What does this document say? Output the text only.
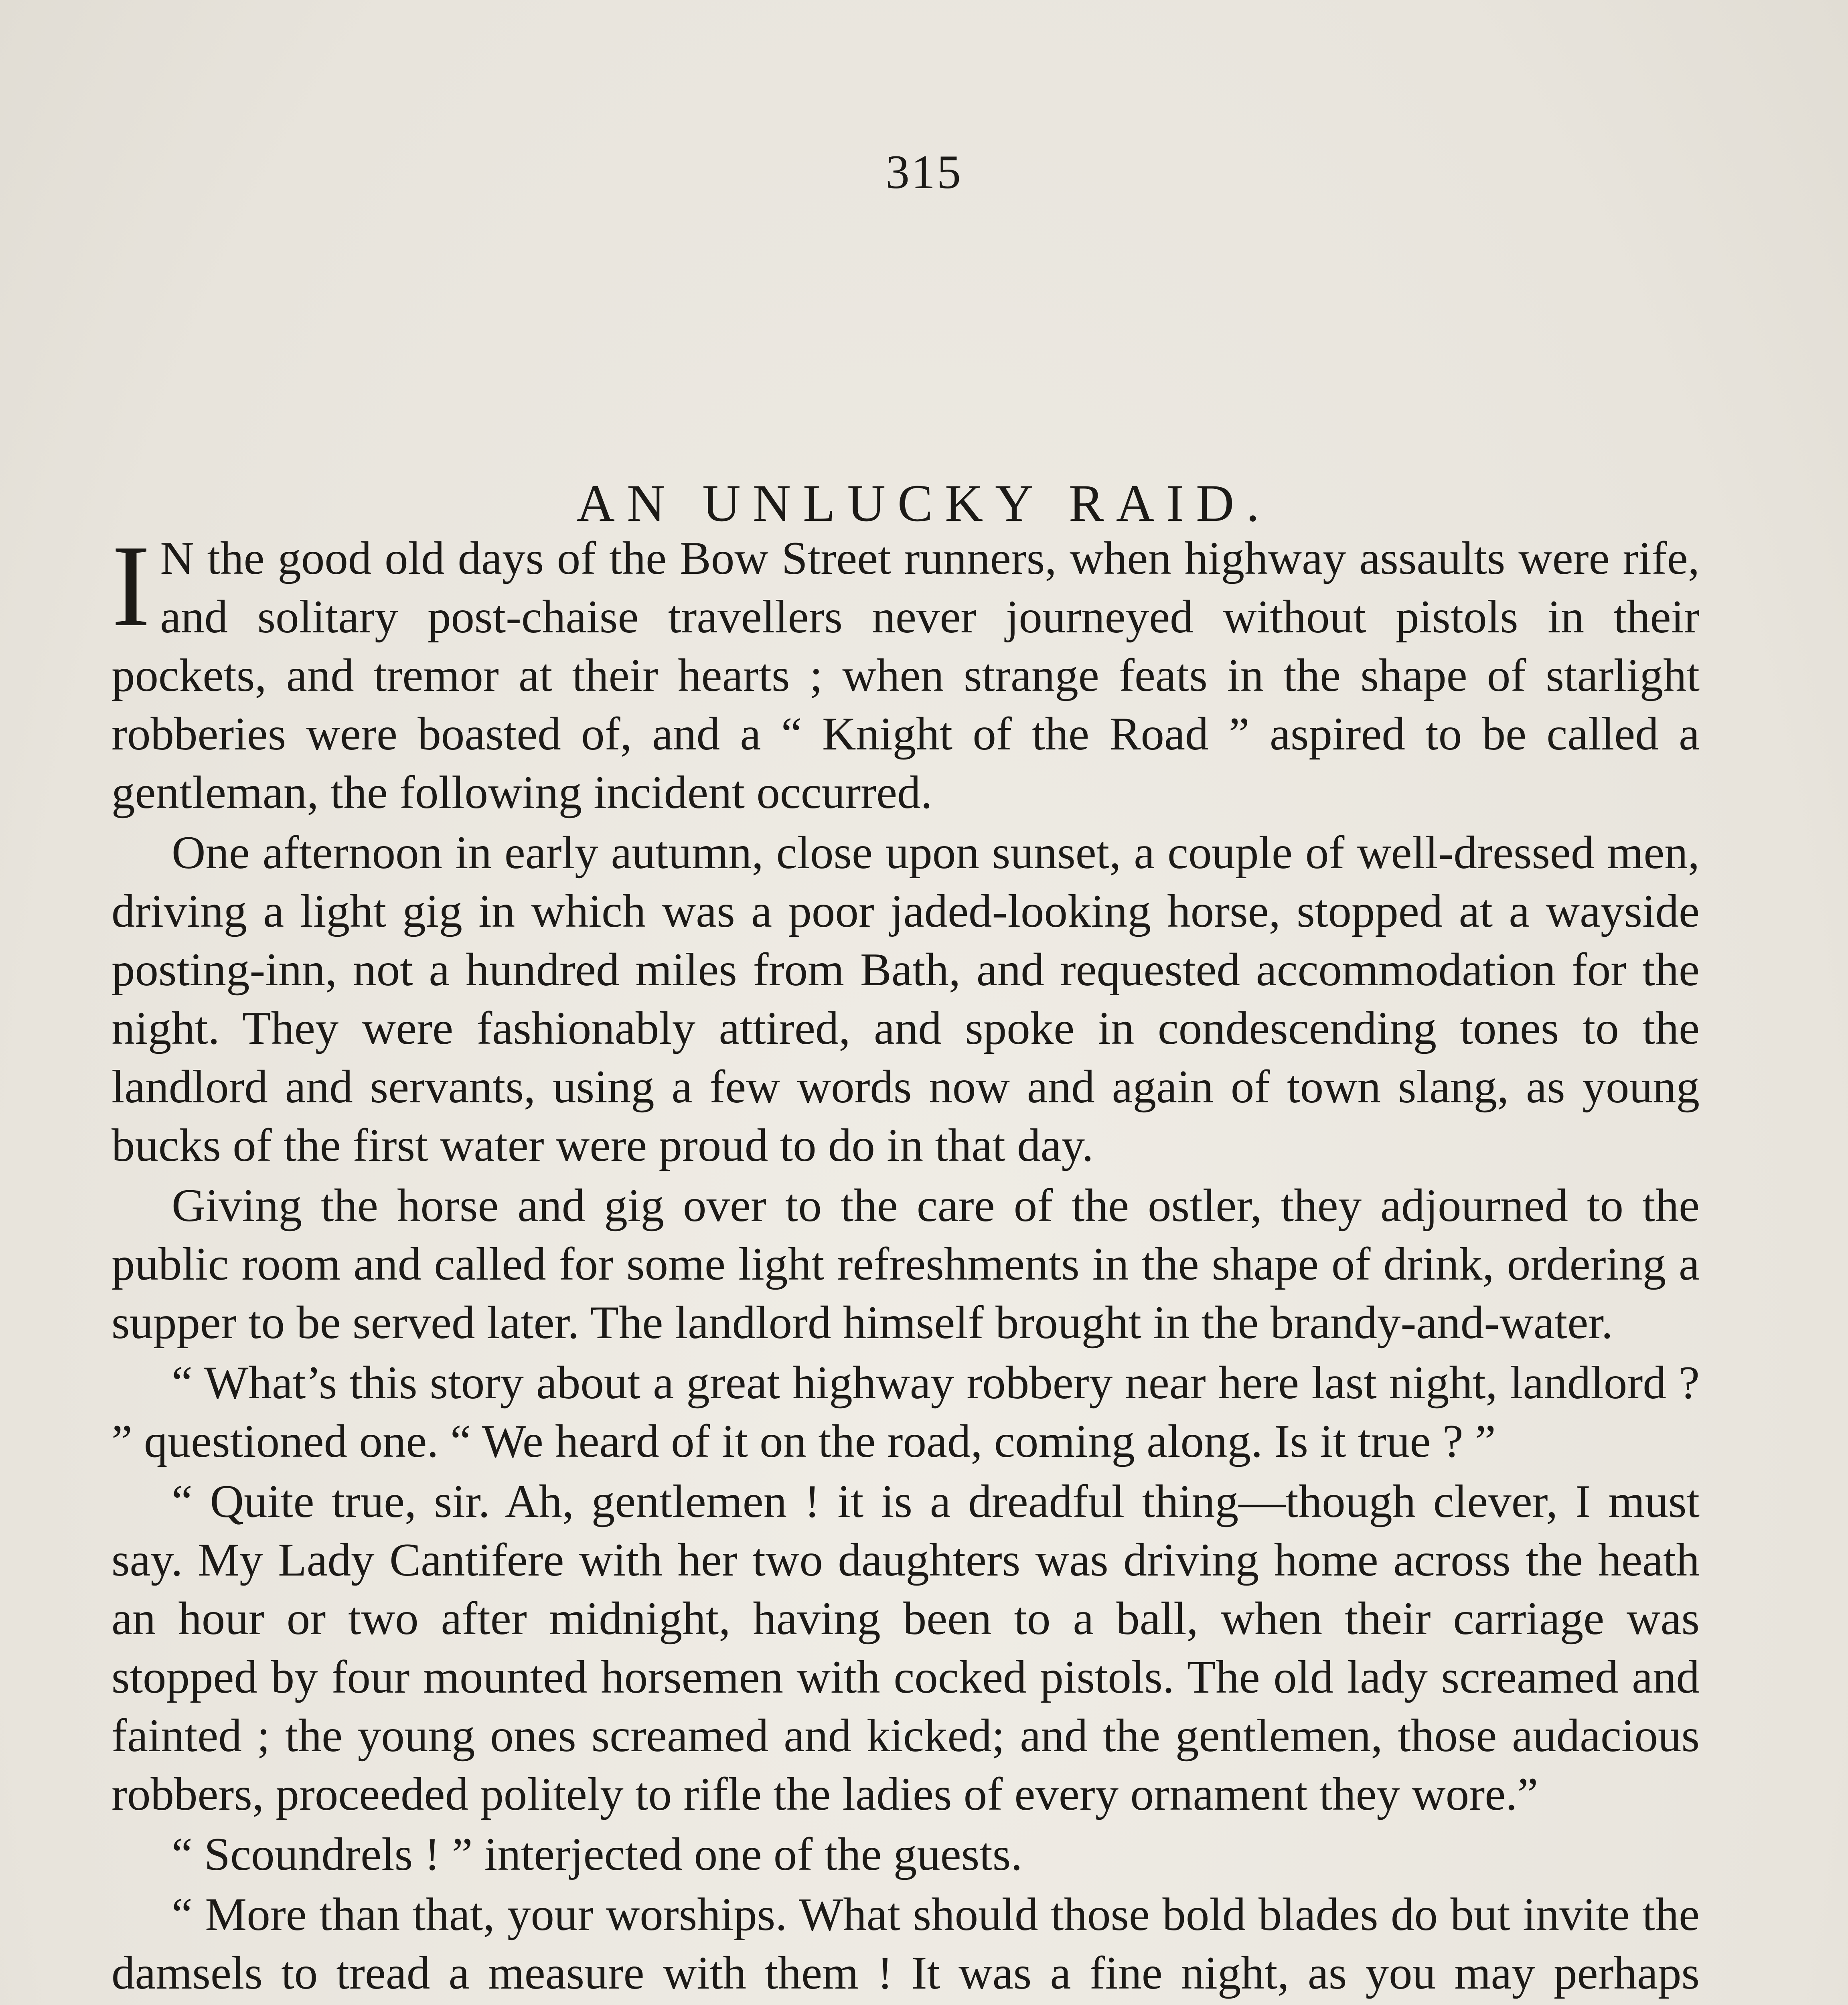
315
AN UNLUCKY RAID.

I N the good old days of the Bow Street runners, when highway assaults were rife, and solitary post-chaise travellers never journeyed without pistols in their pockets, and tremor at their hearts ; when strange feats in the shape of starlight robberies were boasted of, and a “ Knight of the Road ” aspired to be called a gentleman, the following incident occurred.

One afternoon in early autumn, close upon sunset, a couple of well-dressed men, driving a light gig in which was a poor jaded-looking horse, stopped at a wayside posting-inn, not a hundred miles from Bath, and requested accommodation for the night. They were fashionably attired, and spoke in condescending tones to the landlord and servants, using a few words now and again of town slang, as young bucks of the first water were proud to do in that day.

Giving the horse and gig over to the care of the ostler, they adjourned to the public room and called for some light refreshments in the shape of drink, ordering a supper to be served later. The landlord himself brought in the brandy-and-water.

“ What’s this story about a great highway robbery near here last night, landlord ? ” questioned one. “ We heard of it on the road, coming along. Is it true ? ”

“ Quite true, sir. Ah, gentlemen ! it is a dreadful thing—though clever, I must say. My Lady Cantifere with her two daughters was driving home across the heath an hour or two after midnight, having been to a ball, when their carriage was stopped by four mounted horsemen with cocked pistols. The old lady screamed and fainted ; the young ones screamed and kicked; and the gentlemen, those audacious robbers, proceeded politely to rifle the ladies of every ornament they wore.”

“ Scoundrels ! ” interjected one of the guests.

“ More than that, your worships. What should those bold blades do but invite the damsels to tread a measure with them ! It was a fine night, as you may perhaps
